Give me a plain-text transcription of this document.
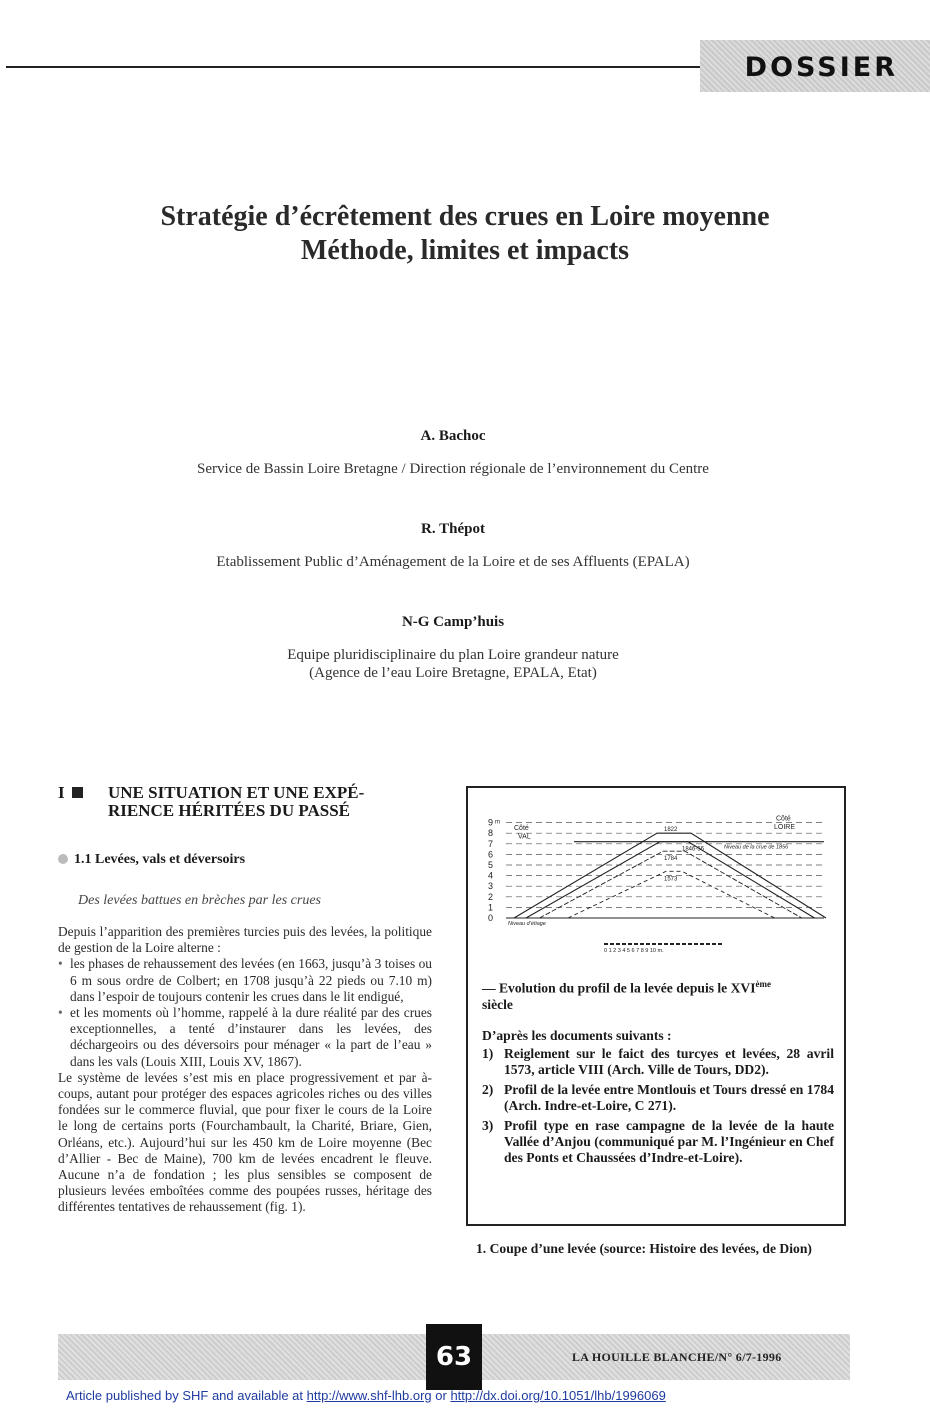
DOSSIER
Stratégie d’écrêtement des crues en Loire moyenne
Méthode, limites et impacts
A. Bachoc
Service de Bassin Loire Bretagne / Direction régionale de l’environnement du Centre
R. Thépot
Etablissement Public d’Aménagement de la Loire et de ses Affluents (EPALA)
N-G Camp’huis
Equipe pluridisciplinaire du plan Loire grandeur nature
(Agence de l’eau Loire Bretagne, EPALA, Etat)
I	UNE SITUATION ET UNE EXPÉ-
RIENCE HÉRITÉES DU PASSÉ
1.1 Levées, vals et déversoirs
Des levées battues en brèches par les crues

Depuis l’apparition des premières turcies puis des levées, la politique de gestion de la Loire alterne :

• les phases de rehaussement des levées (en 1663, jusqu’à 3 toises ou 6 m sous ordre de Colbert; en 1708 jusqu’à 22 pieds ou 7.10 m) dans l’espoir de toujours contenir les crues dans le lit endigué,
• et les moments où l’homme, rappelé à la dure réalité par des crues exceptionnelles, a tenté d’instaurer dans les levées, des déchargeoirs ou des déversoirs pour ménager « la part de l’eau » dans les vals (Louis XIII, Louis XV, 1867).

Le système de levées s’est mis en place progressivement et par à-coups, autant pour protéger des espaces agricoles riches ou des villes fondées sur le commerce fluvial, que pour fixer le cours de la Loire le long de certains ports (Fourchambault, la Charité, Briare, Gien, Orléans, etc.). Aujourd’hui sur les 450 km de Loire moyenne (Bec d’Allier - Bec de Maine), 700 km de levées encadrent le fleuve. Aucune n’a de fondation ; les plus sensibles se composent de plusieurs levées emboîtées comme des poupées russes, héritage des différentes tentatives de rehaussement (fig. 1).

9
8
7
6
5
4
3
2
1
0
m
1573
1784
1846-56
1822
Côté
VAL
Côté
LOIRE
Niveau de la crue de 1856
Niveau d’étiage
0 1 2 3 4 5 6 7 8 9 10 m.
— Evolution du profil de la levée depuis le XVIème
siècle
D’après les documents suivants :
1) Reiglement sur le faict des turcyes et levées, 28 avril 1573, article VIII (Arch. Ville de Tours, DD2).
2) Profil de la levée entre Montlouis et Tours dressé en 1784 (Arch. Indre-et-Loire, C 271).
3) Profil type en rase campagne de la levée de la haute Vallée d’Anjou (communiqué par M. l’Ingénieur en Chef des Ponts et Chaussées d’Indre-et-Loire).
1. Coupe d’une levée (source: Histoire des levées, de Dion)
63	LA HOUILLE BLANCHE/N° 6/7-1996
Article published by SHF and available at http://www.shf-lhb.org or http://dx.doi.org/10.1051/lhb/1996069
